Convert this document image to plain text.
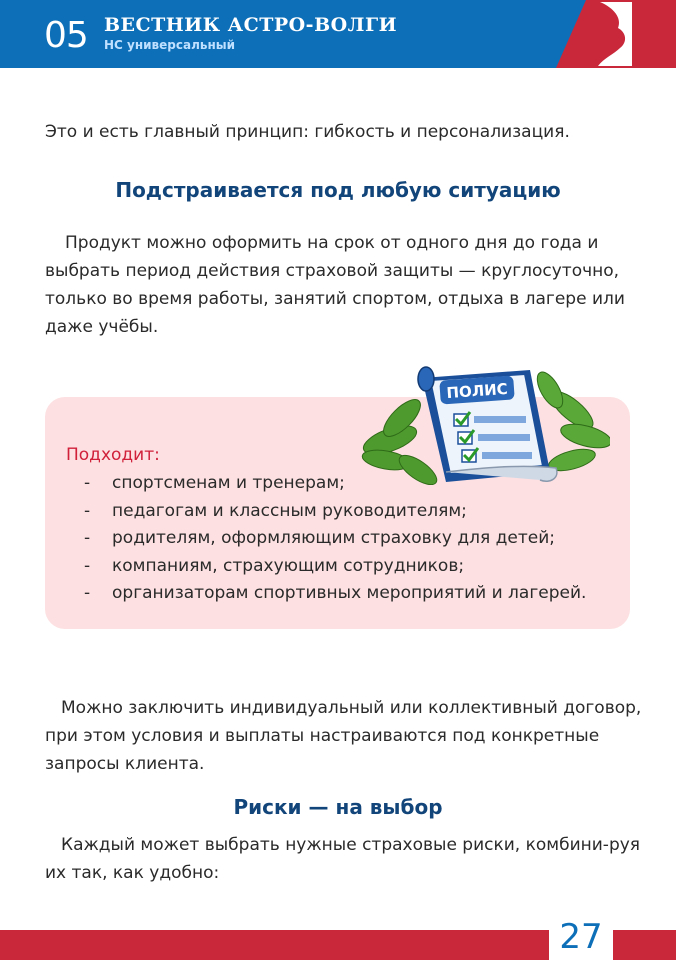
05 ВЕСТНИК АСТРО-ВОЛГИ
НС универсальный

Это и есть главный принцип: гибкость и персонализация.

Подстраивается под любую ситуацию

Продукт можно оформить на срок от одного дня до года и выбрать период действия страховой защиты — круглосуточно, только во время работы, занятий спортом, отдыха в лагере или даже учёбы.

ПОЛИС

Подходит:

-	спортсменам и тренерам;
-	педагогам и классным руководителям;
-	родителям, оформляющим страховку для детей;
-	компаниям, страхующим сотрудников;
-	организаторам спортивных мероприятий и лагерей.

Можно заключить индивидуальный или коллективный договор, при этом условия и выплаты настраиваются под конкретные запросы клиента.

Риски — на выбор

Каждый может выбрать нужные страховые риски, комбини-руя их так, как удобно:

27
